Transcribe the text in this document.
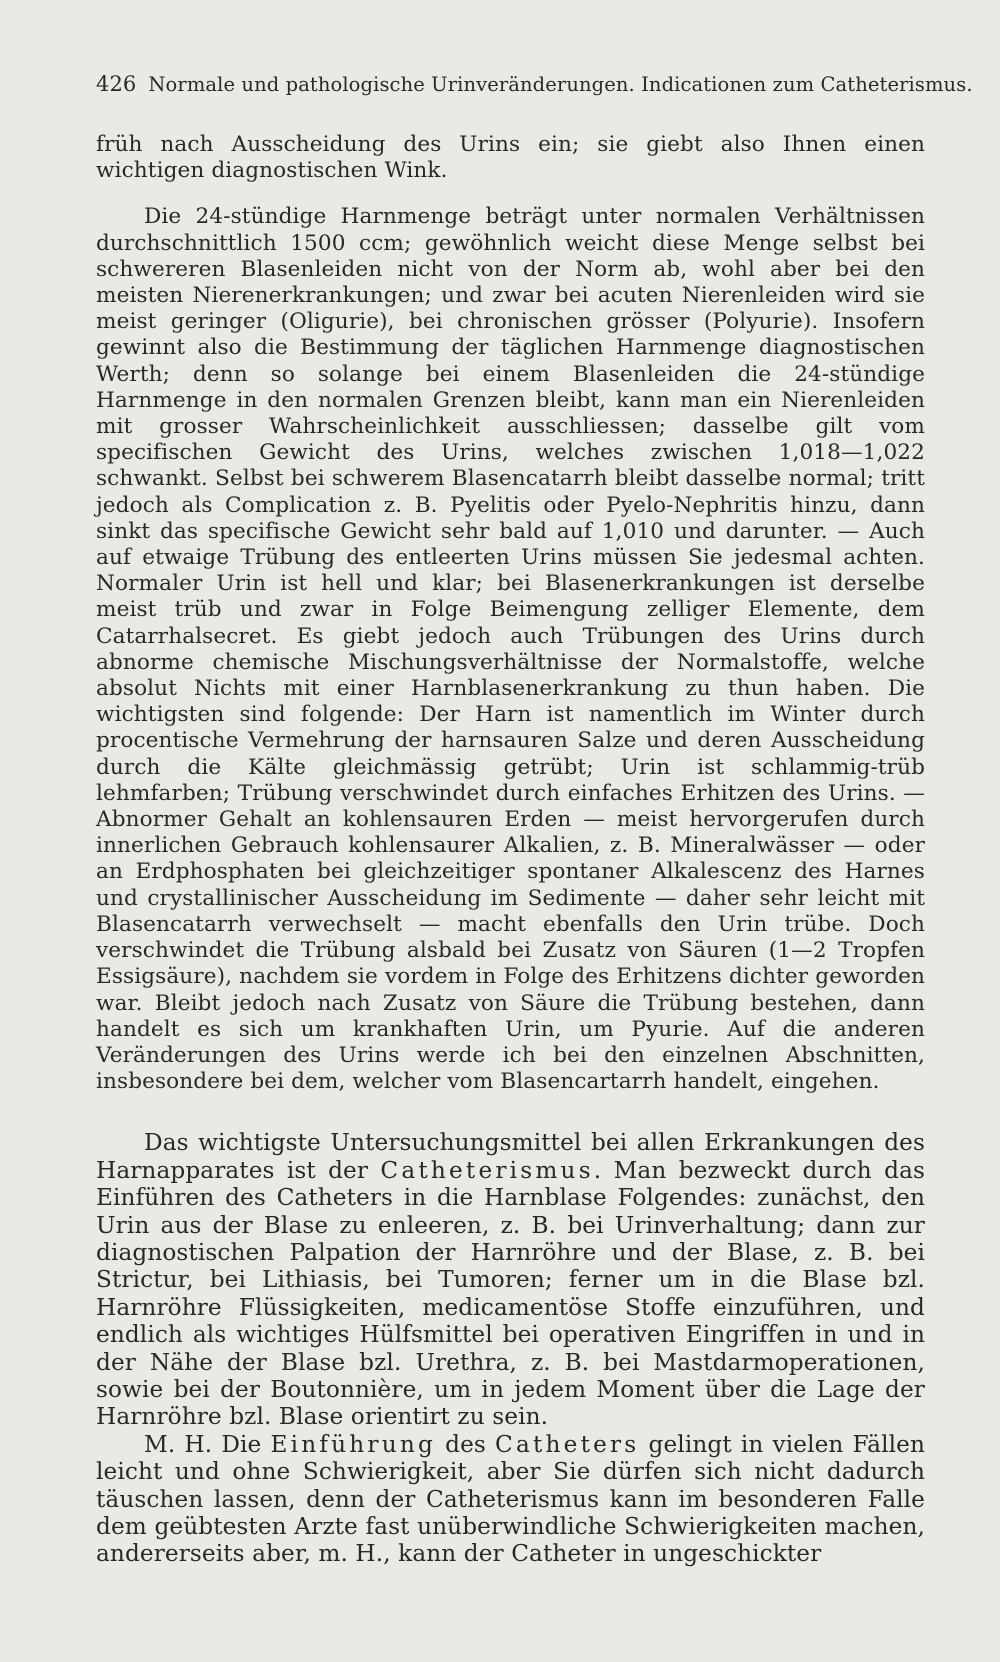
426 Normale und pathologische Urinveränderungen. Indicationen zum Catheterismus.

früh nach Ausscheidung des Urins ein; sie giebt also Ihnen einen wichtigen diagnostischen Wink.

Die 24-stündige Harnmenge beträgt unter normalen Verhältnissen durchschnittlich 1500 ccm; gewöhnlich weicht diese Menge selbst bei schwereren Blasenleiden nicht von der Norm ab, wohl aber bei den meisten Nierenerkrankungen; und zwar bei acuten Nierenleiden wird sie meist geringer (Oligurie), bei chronischen grösser (Polyurie). Insofern gewinnt also die Bestimmung der täglichen Harnmenge diagnostischen Werth; denn so solange bei einem Blasenleiden die 24-stündige Harnmenge in den normalen Grenzen bleibt, kann man ein Nierenleiden mit grosser Wahrscheinlichkeit ausschliessen; dasselbe gilt vom specifischen Gewicht des Urins, welches zwischen 1,018—1,022 schwankt. Selbst bei schwerem Blasencatarrh bleibt dasselbe normal; tritt jedoch als Complication z. B. Pyelitis oder Pyelo-Nephritis hinzu, dann sinkt das specifische Gewicht sehr bald auf 1,010 und darunter. — Auch auf etwaige Trübung des entleerten Urins müssen Sie jedesmal achten. Normaler Urin ist hell und klar; bei Blasenerkrankungen ist derselbe meist trüb und zwar in Folge Beimengung zelliger Elemente, dem Catarrhalsecret. Es giebt jedoch auch Trübungen des Urins durch abnorme chemische Mischungsverhältnisse der Normalstoffe, welche absolut Nichts mit einer Harnblasenerkrankung zu thun haben. Die wichtigsten sind folgende: Der Harn ist namentlich im Winter durch procentische Vermehrung der harnsauren Salze und deren Ausscheidung durch die Kälte gleichmässig getrübt; Urin ist schlammig-trüb lehmfarben; Trübung verschwindet durch einfaches Erhitzen des Urins. — Abnormer Gehalt an kohlensauren Erden — meist hervorgerufen durch innerlichen Gebrauch kohlensaurer Alkalien, z. B. Mineralwässer — oder an Erdphosphaten bei gleichzeitiger spontaner Alkalescenz des Harnes und crystallinischer Ausscheidung im Sedimente — daher sehr leicht mit Blasencatarrh verwechselt — macht ebenfalls den Urin trübe. Doch verschwindet die Trübung alsbald bei Zusatz von Säuren (1—2 Tropfen Essigsäure), nachdem sie vordem in Folge des Erhitzens dichter geworden war. Bleibt jedoch nach Zusatz von Säure die Trübung bestehen, dann handelt es sich um krankhaften Urin, um Pyurie. Auf die anderen Veränderungen des Urins werde ich bei den einzelnen Abschnitten, insbesondere bei dem, welcher vom Blasencartarrh handelt, eingehen.

Das wichtigste Untersuchungsmittel bei allen Erkrankungen des Harnapparates ist der Catheterismus. Man bezweckt durch das Einführen des Catheters in die Harnblase Folgendes: zunächst, den Urin aus der Blase zu enleeren, z. B. bei Urinverhaltung; dann zur diagnostischen Palpation der Harnröhre und der Blase, z. B. bei Strictur, bei Lithiasis, bei Tumoren; ferner um in die Blase bzl. Harnröhre Flüssigkeiten, medicamentöse Stoffe einzuführen, und endlich als wichtiges Hülfsmittel bei operativen Eingriffen in und in der Nähe der Blase bzl. Urethra, z. B. bei Mastdarmoperationen, sowie bei der Boutonnière, um in jedem Moment über die Lage der Harnröhre bzl. Blase orientirt zu sein.

M. H. Die Einführung des Catheters gelingt in vielen Fällen leicht und ohne Schwierigkeit, aber Sie dürfen sich nicht dadurch täuschen lassen, denn der Catheterismus kann im besonderen Falle dem geübtesten Arzte fast unüberwindliche Schwierigkeiten machen, andererseits aber, m. H., kann der Catheter in ungeschickter
